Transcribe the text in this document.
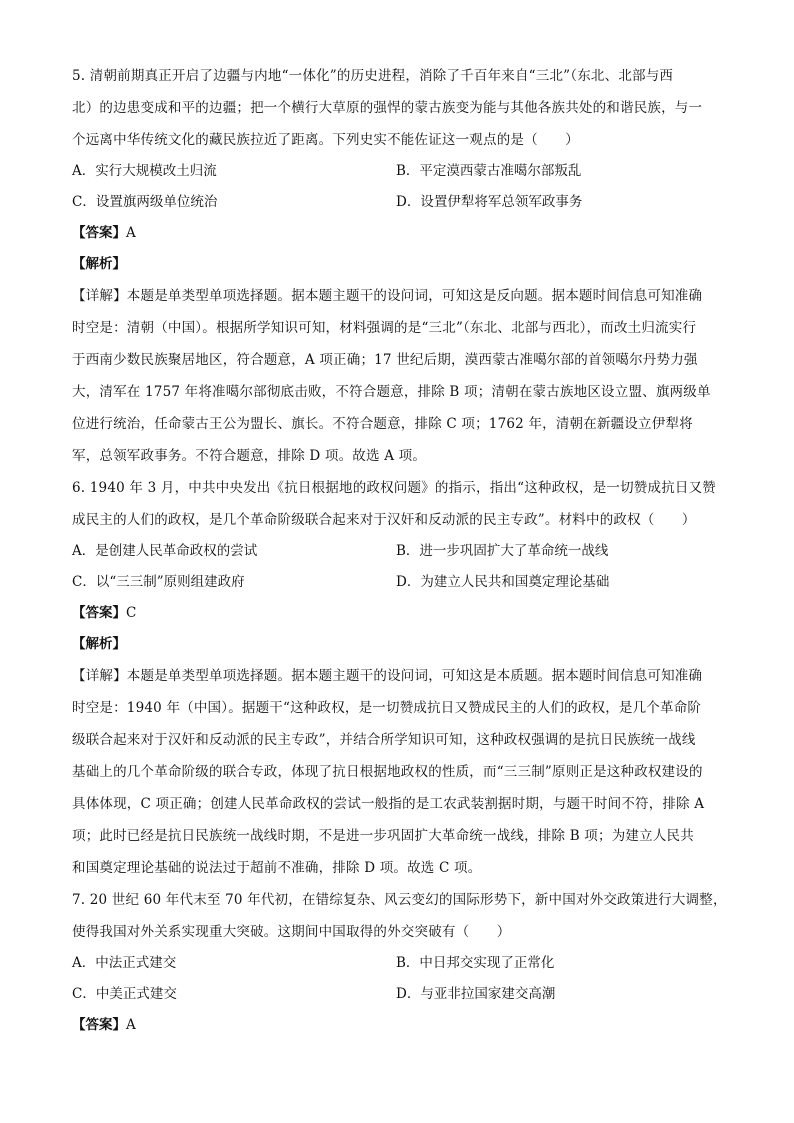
5. 清朝前期真正开启了边疆与内地“一体化”的历史进程，消除了千百年来自“三北”（东北、北部与西
北）的边患变成和平的边疆；把一个横行大草原的强悍的蒙古族变为能与其他各族共处的和谐民族，与一
个远离中华传统文化的藏民族拉近了距离。下列史实不能佐证这一观点的是（　　）
A．实行大规模改土归流	B．平定漠西蒙古准噶尔部叛乱
C．设置旗两级单位统治	D．设置伊犁将军总领军政事务
【答案】A
【解析】
【详解】本题是单类型单项选择题。据本题主题干的设问词，可知这是反向题。据本题时间信息可知准确
时空是：清朝（中国）。根据所学知识可知，材料强调的是“三北”（东北、北部与西北），而改土归流实行
于西南少数民族聚居地区，符合题意，A 项正确；17 世纪后期，漠西蒙古准噶尔部的首领噶尔丹势力强
大，清军在 1757 年将准噶尔部彻底击败，不符合题意，排除 B 项；清朝在蒙古族地区设立盟、旗两级单
位进行统治，任命蒙古王公为盟长、旗长。不符合题意，排除 C 项；1762 年，清朝在新疆设立伊犁将
军，总领军政事务。不符合题意，排除 D 项。故选 A 项。
6. 1940 年 3 月，中共中央发出《抗日根据地的政权问题》的指示，指出“这种政权，是一切赞成抗日又赞
成民主的人们的政权，是几个革命阶级联合起来对于汉奸和反动派的民主专政”。材料中的政权（　　）
A．是创建人民革命政权的尝试	B．进一步巩固扩大了革命统一战线
C．以“三三制”原则组建政府	D．为建立人民共和国奠定理论基础
【答案】C
【解析】
【详解】本题是单类型单项选择题。据本题主题干的设问词，可知这是本质题。据本题时间信息可知准确
时空是：1940 年（中国）。据题干“这种政权，是一切赞成抗日又赞成民主的人们的政权，是几个革命阶
级联合起来对于汉奸和反动派的民主专政”，并结合所学知识可知，这种政权强调的是抗日民族统一战线
基础上的几个革命阶级的联合专政，体现了抗日根据地政权的性质，而“三三制”原则正是这种政权建设的
具体体现，C 项正确；创建人民革命政权的尝试一般指的是工农武装割据时期，与题干时间不符，排除 A
项；此时已经是抗日民族统一战线时期，不是进一步巩固扩大革命统一战线，排除 B 项；为建立人民共
和国奠定理论基础的说法过于超前不准确，排除 D 项。故选 C 项。
7. 20 世纪 60 年代末至 70 年代初，在错综复杂、风云变幻的国际形势下，新中国对外交政策进行大调整，
使得我国对外关系实现重大突破。这期间中国取得的外交突破有（　　）
A．中法正式建交	B．中日邦交实现了正常化
C．中美正式建交	D．与亚非拉国家建交高潮
【答案】A
